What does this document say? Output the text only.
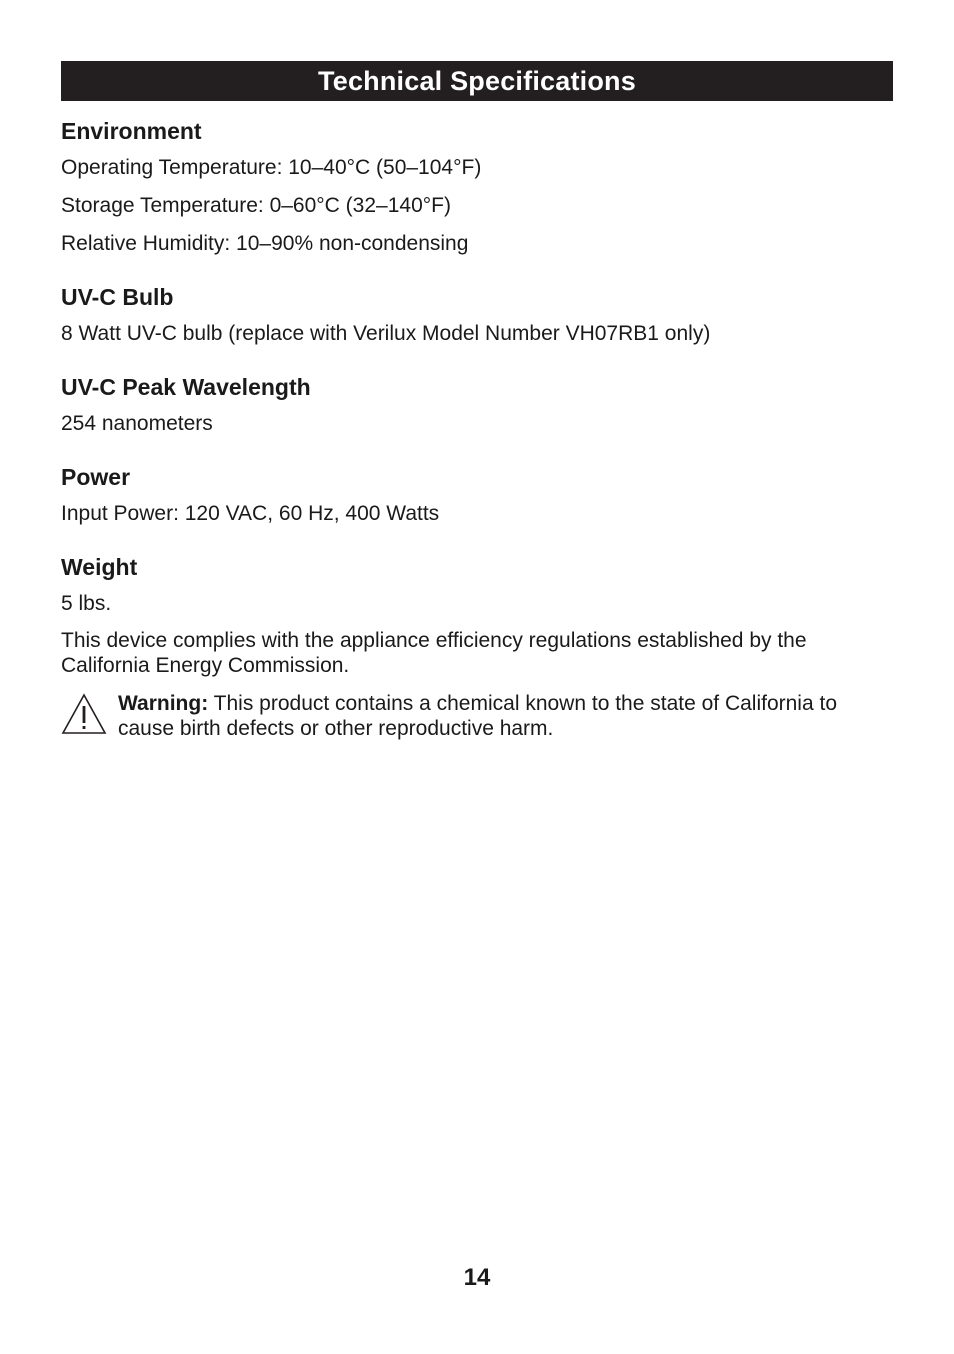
Technical Specifications
Environment

Operating Temperature: 10–40°C (50–104°F)

Storage Temperature: 0–60°C (32–140°F)

Relative Humidity: 10–90% non-condensing

UV-C Bulb

8 Watt UV-C bulb (replace with Verilux Model Number VH07RB1 only)

UV-C Peak Wavelength

254 nanometers

Power

Input Power: 120 VAC, 60 Hz, 400 Watts

Weight

5 lbs.

This device complies with the appliance efficiency regulations established by the California Energy Commission.

Warning: This product contains a chemical known to the state of California to cause birth defects or other reproductive harm.

14
